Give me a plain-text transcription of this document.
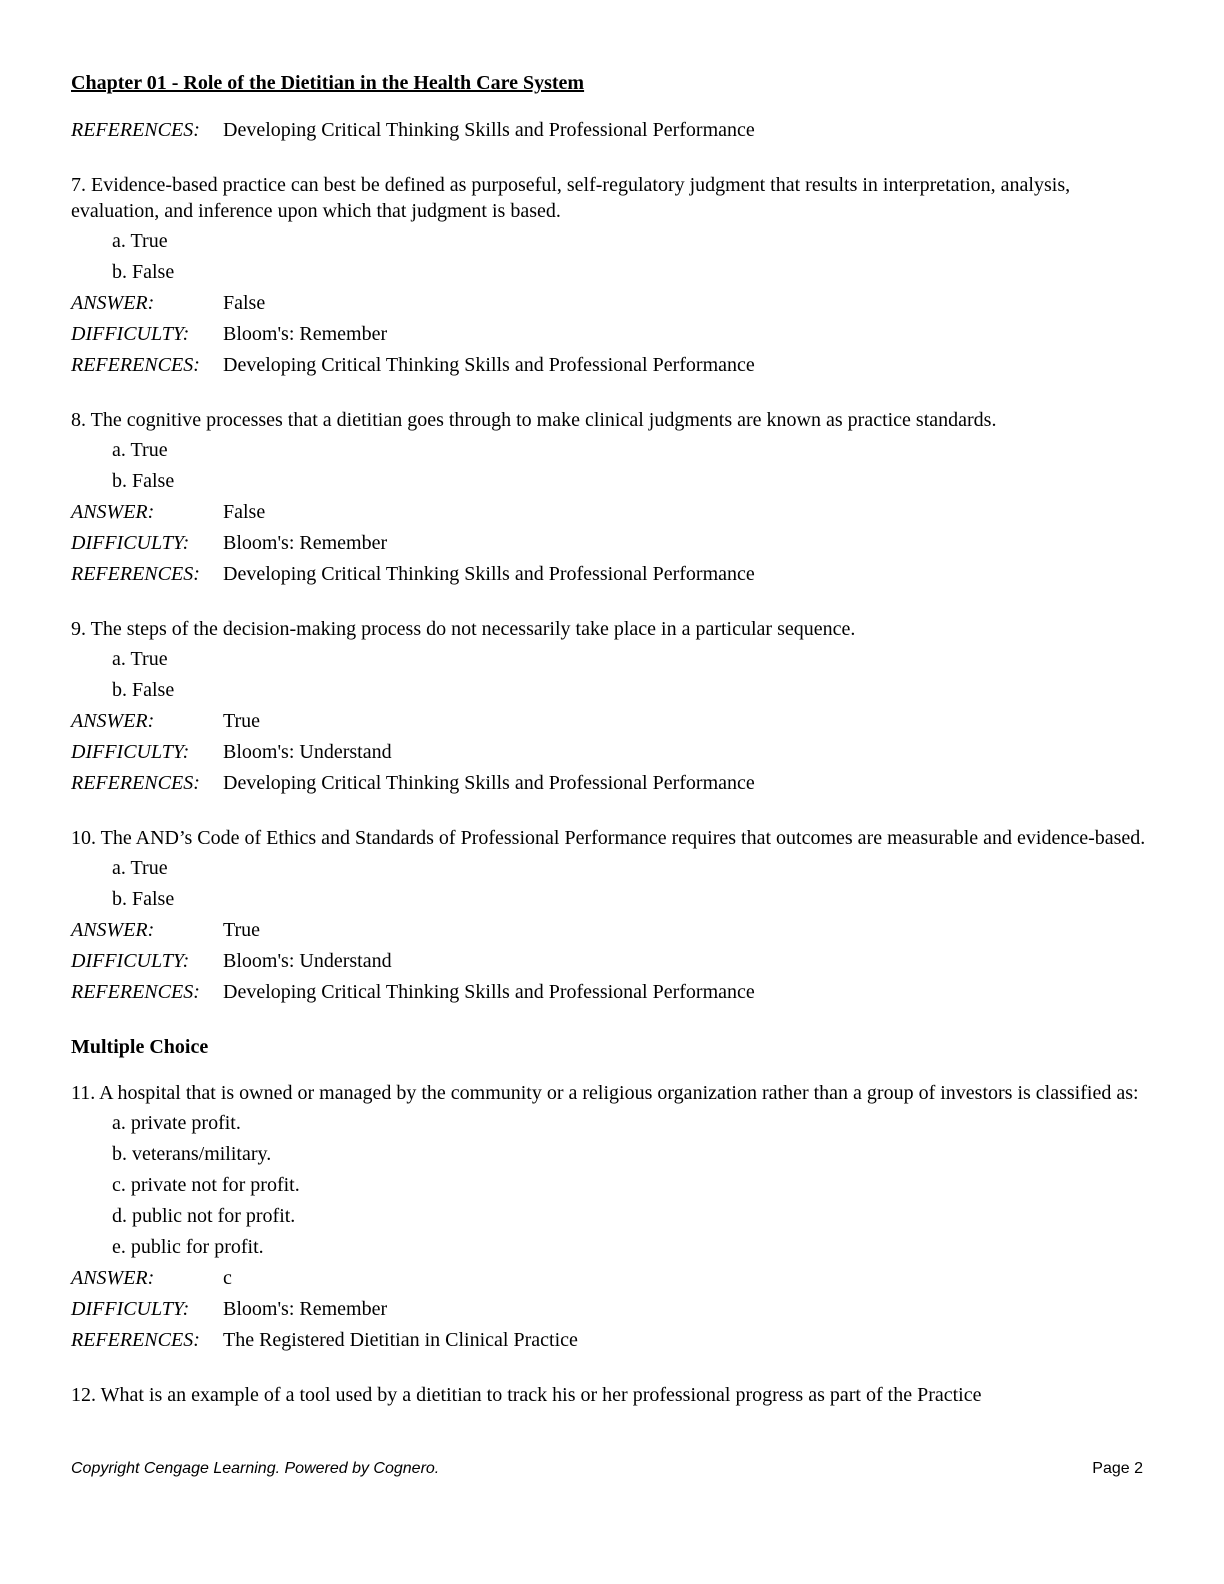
Chapter 01 - Role of the Dietitian in the Health Care System
REFERENCES:	Developing Critical Thinking Skills and Professional Performance
7. Evidence-based practice can best be defined as purposeful, self-regulatory judgment that results in interpretation, analysis, evaluation, and inference upon which that judgment is based.
a. True
b. False
ANSWER:	False
DIFFICULTY:	Bloom's: Remember
REFERENCES:	Developing Critical Thinking Skills and Professional Performance
8. The cognitive processes that a dietitian goes through to make clinical judgments are known as practice standards.
a. True
b. False
ANSWER:	False
DIFFICULTY:	Bloom's: Remember
REFERENCES:	Developing Critical Thinking Skills and Professional Performance
9. The steps of the decision-making process do not necessarily take place in a particular sequence.
a. True
b. False
ANSWER:	True
DIFFICULTY:	Bloom's: Understand
REFERENCES:	Developing Critical Thinking Skills and Professional Performance
10. The AND’s Code of Ethics and Standards of Professional Performance requires that outcomes are measurable and evidence-based.
a. True
b. False
ANSWER:	True
DIFFICULTY:	Bloom's: Understand
REFERENCES:	Developing Critical Thinking Skills and Professional Performance
Multiple Choice
11. A hospital that is owned or managed by the community or a religious organization rather than a group of investors is classified as:
a. private profit.
b. veterans/military.
c. private not for profit.
d. public not for profit.
e. public for profit.
ANSWER:	c
DIFFICULTY:	Bloom's: Remember
REFERENCES:	The Registered Dietitian in Clinical Practice
12. What is an example of a tool used by a dietitian to track his or her professional progress as part of the Practice
Copyright Cengage Learning. Powered by Cognero.	Page 2
